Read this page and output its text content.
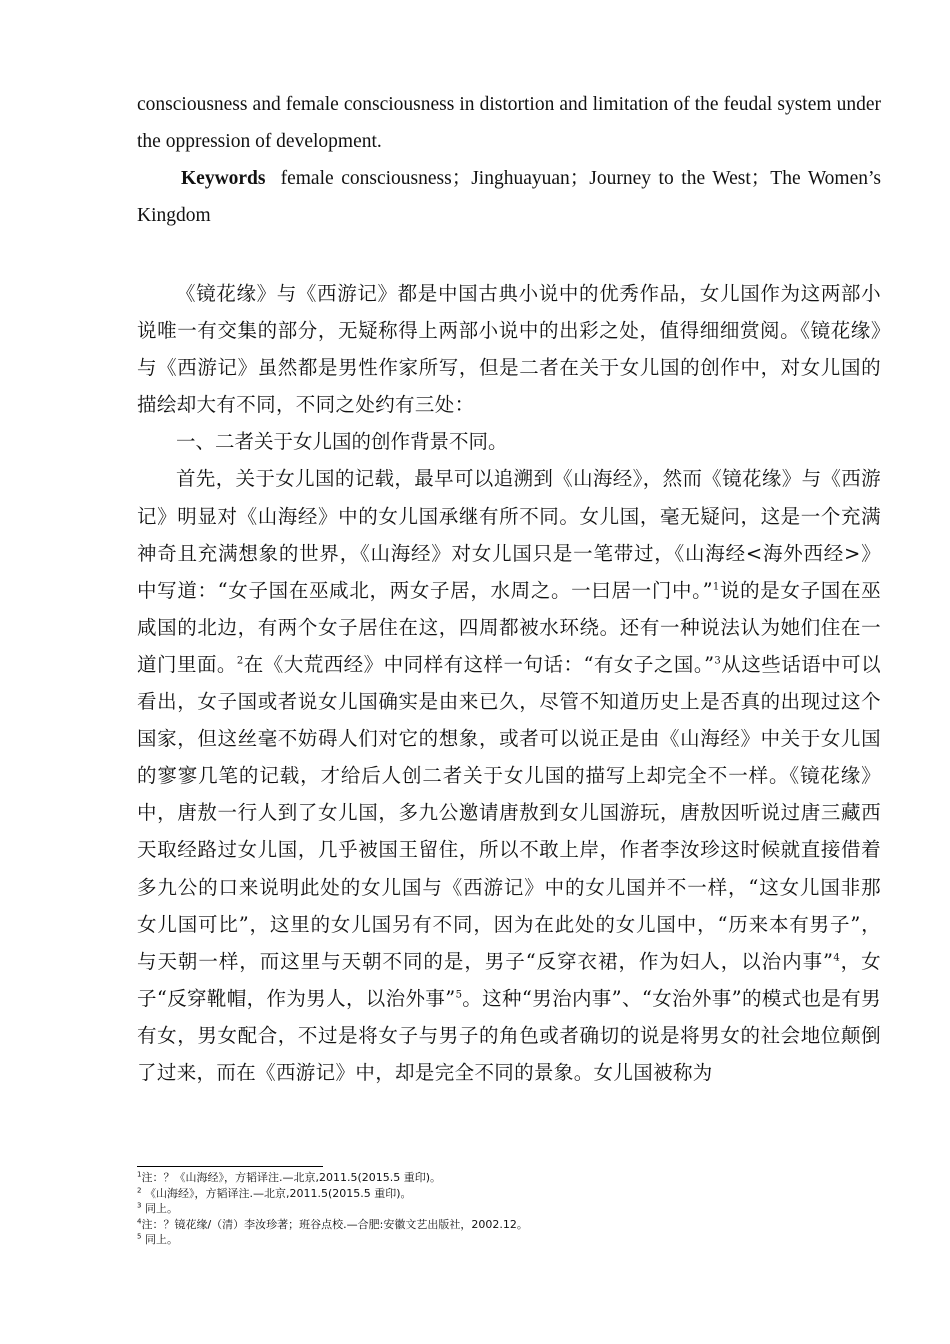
consciousness and female consciousness in distortion and limitation of the feudal system under the oppression of development.

Keywords female consciousness；Jinghuayuan；Journey to the West；The Women’s Kingdom

《镜花缘》与《西游记》都是中国古典小说中的优秀作品，女儿国作为这两部小说唯一有交集的部分，无疑称得上两部小说中的出彩之处，值得细细赏阅。《镜花缘》与《西游记》虽然都是男性作家所写，但是二者在关于女儿国的创作中，对女儿国的描绘却大有不同，不同之处约有三处：

一、二者关于女儿国的创作背景不同。

首先，关于女儿国的记载，最早可以追溯到《山海经》，然而《镜花缘》与《西游记》明显对《山海经》中的女儿国承继有所不同。女儿国，毫无疑问，这是一个充满神奇且充满想象的世界，《山海经》对女儿国只是一笔带过，《山海经<海外西经>》中写道：“女子国在巫咸北，两女子居，水周之。一曰居一门中。”$^1$说的是女子国在巫咸国的北边，有两个女子居住在这，四周都被水环绕。还有一种说法认为她们住在一道门里面。$^2$在《大荒西经》中同样有这样一句话：“有女子之国。”$^3$从这些话语中可以看出，女子国或者说女儿国确实是由来已久，尽管不知道历史上是否真的出现过这个国家，但这丝毫不妨碍人们对它的想象，或者可以说正是由《山海经》中关于女儿国的寥寥几笔的记载，才给后人创二者关于女儿国的描写上却完全不一样。《镜花缘》中，唐敖一行人到了女儿国，多九公邀请唐敖到女儿国游玩，唐敖因听说过唐三藏西天取经路过女儿国，几乎被国王留住，所以不敢上岸，作者李汝珍这时候就直接借着多九公的口来说明此处的女儿国与《西游记》中的女儿国并不一样，“这女儿国非那女儿国可比”，这里的女儿国另有不同，因为在此处的女儿国中，“历来本有男子”，与天朝一样，而这里与天朝不同的是，男子“反穿衣裙，作为妇人，以治内事”$^4$，女子“反穿靴帽，作为男人，以治外事”$^5$。这种“男治内事”、“女治外事”的模式也是有男有女，男女配合，不过是将女子与男子的角色或者确切的说是将男女的社会地位颠倒了过来，而在《西游记》中，却是完全不同的景象。女儿国被称为

$^1$注：？《山海经》，方韬译注.—北京,2011.5(2015.5 重印)。
$^2$ 《山海经》，方韬译注.—北京,2011.5(2015.5 重印)。
$^3$ 同上。
$^4$注：？镜花缘/（清）李汝珍著；班谷点校.—合肥:安徽文艺出版社，2002.12。
$^5$ 同上。
